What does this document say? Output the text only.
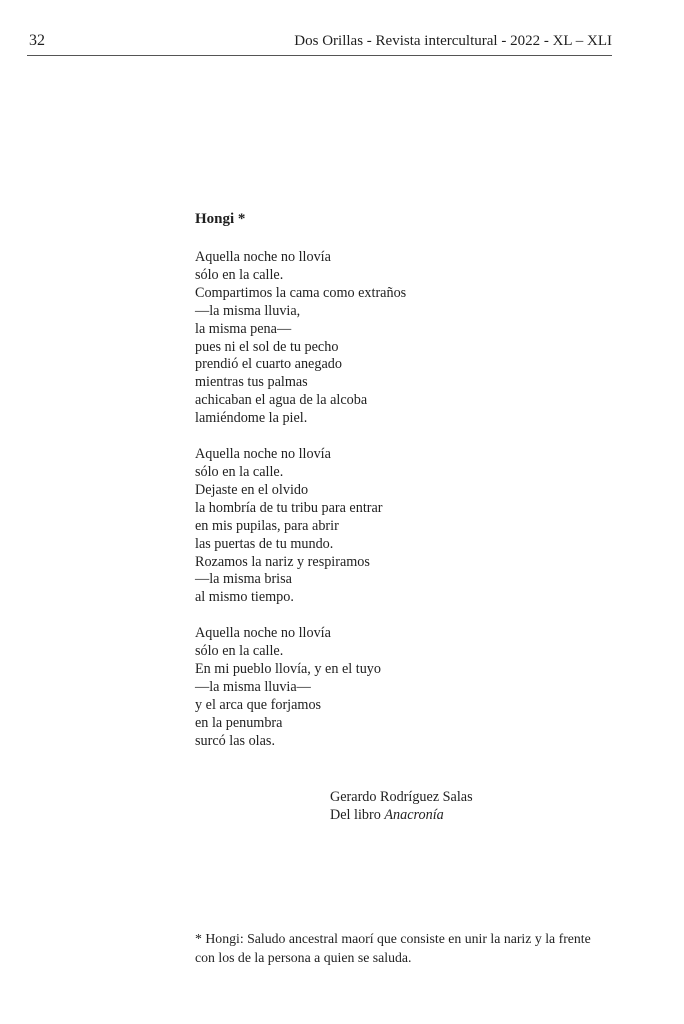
32	Dos Orillas - Revista intercultural - 2022 - XL – XLI
Hongi *
Aquella noche no llovía
sólo en la calle.
Compartimos la cama como extraños
—la misma lluvia,
la misma pena—
pues ni el sol de tu pecho
prendió el cuarto anegado
mientras tus palmas
achicaban el agua de la alcoba
lamiéndome la piel.
Aquella noche no llovía
sólo en la calle.
Dejaste en el olvido
la hombría de tu tribu para entrar
en mis pupilas, para abrir
las puertas de tu mundo.
Rozamos la nariz y respiramos
—la misma brisa
al mismo tiempo.
Aquella noche no llovía
sólo en la calle.
En mi pueblo llovía, y en el tuyo
—la misma lluvia—
y el arca que forjamos
en la penumbra
surcó las olas.
Gerardo Rodríguez Salas
Del libro Anacronía
* Hongi: Saludo ancestral maorí que consiste en unir la nariz y la frente con los de la persona a quien se saluda.
